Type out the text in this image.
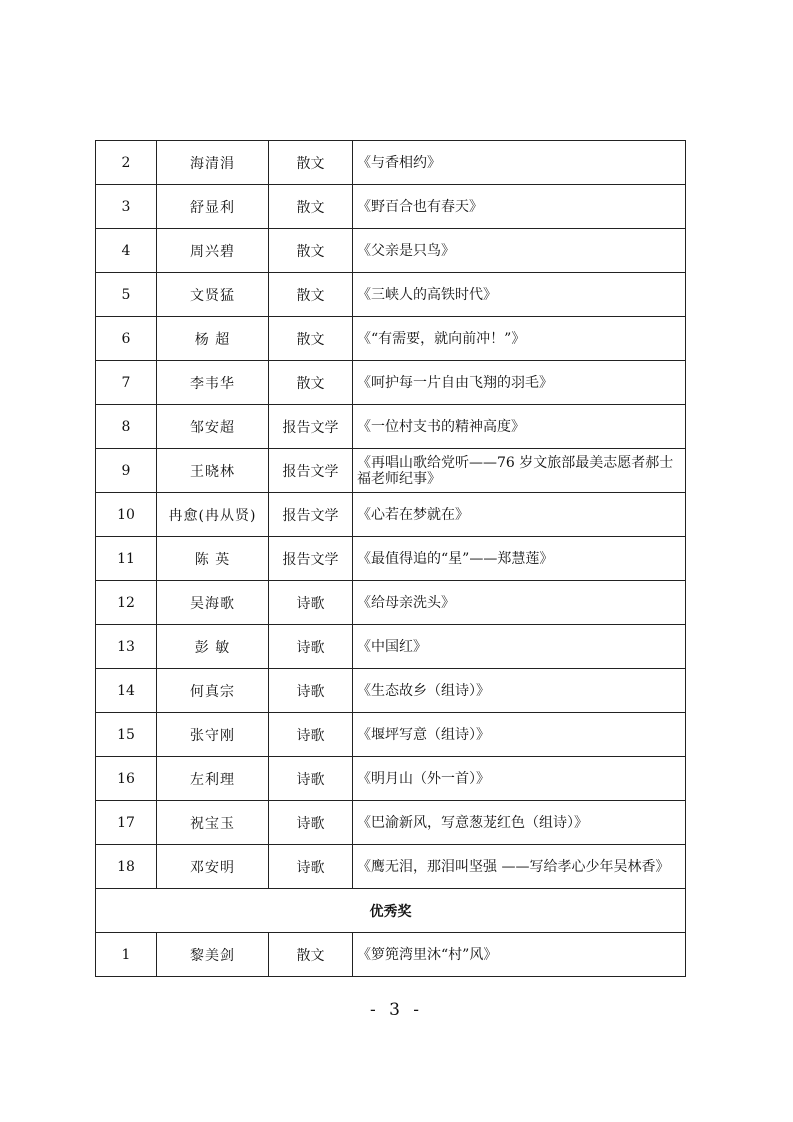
2	海清涓	散文	《与香相约》
3	舒显利	散文	《野百合也有春天》
4	周兴碧	散文	《父亲是只鸟》
5	文贤猛	散文	《三峡人的高铁时代》
6	杨 超	散文	《“有需要，就向前冲！”》
7	李韦华	散文	《呵护每一片自由飞翔的羽毛》
8	邹安超	报告文学	《一位村支书的精神高度》
9	王晓林	报告文学	《再唱山歌给党听——76 岁文旅部最美志愿者郝士福老师纪事》
10	冉愈(冉从贤)	报告文学	《心若在梦就在》
11	陈 英	报告文学	《最值得追的“星”——郑慧莲》
12	吴海歌	诗歌	《给母亲洗头》
13	彭 敏	诗歌	《中国红》
14	何真宗	诗歌	《生态故乡（组诗）》
15	张守刚	诗歌	《堰坪写意（组诗）》
16	左利理	诗歌	《明月山（外一首）》
17	祝宝玉	诗歌	《巴渝新风，写意葱茏红色（组诗）》
18	邓安明	诗歌	《鹰无泪，那泪叫坚强 ——写给孝心少年吴林香》
优秀奖			
1	黎美剑	散文	《箩篼湾里沐“村”风》
- 3 -
